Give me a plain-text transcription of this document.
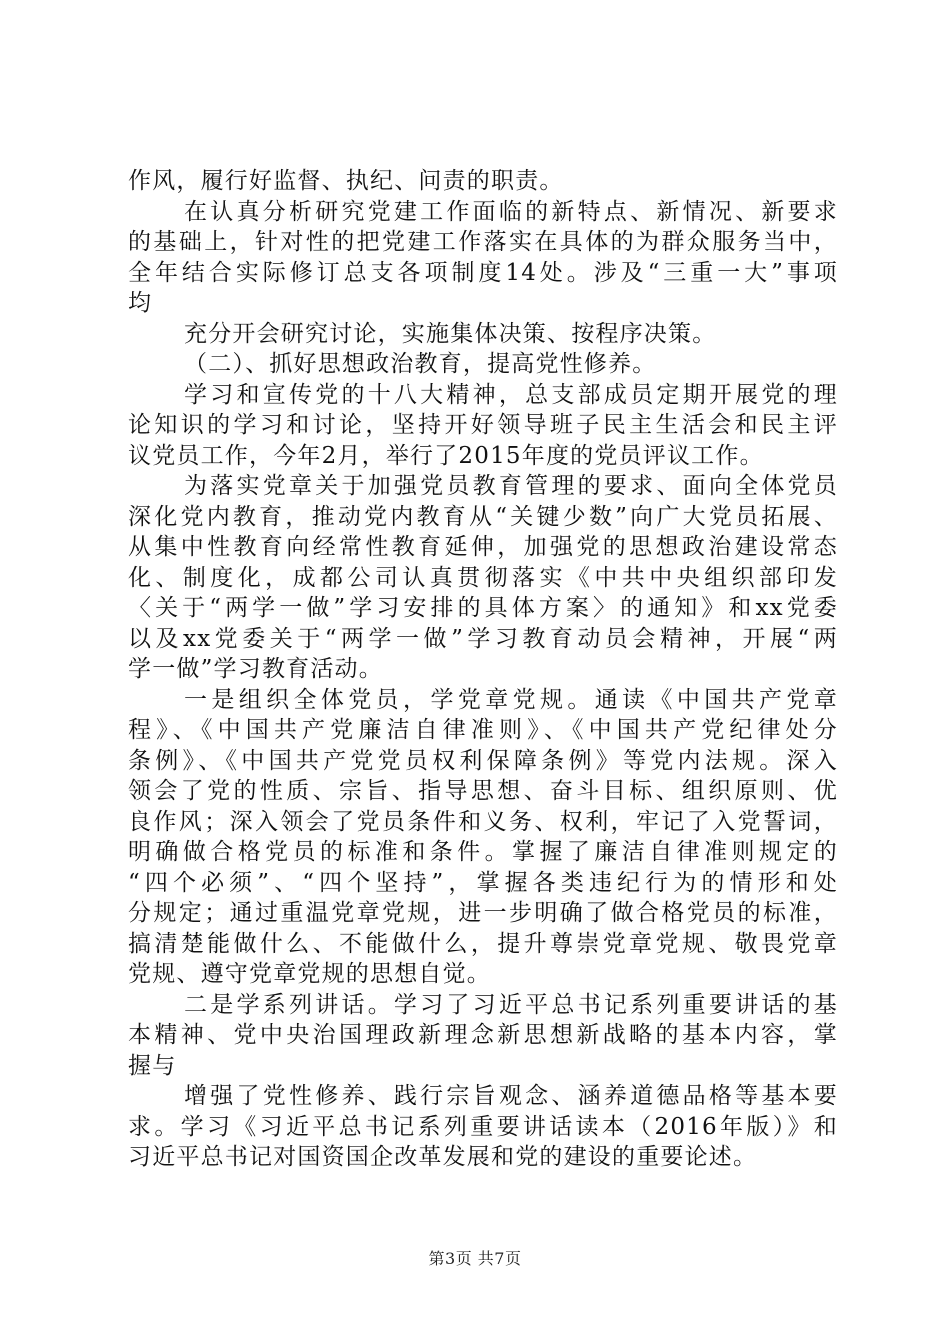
作风，履行好监督、执纪、问责的职责。
在认真分析研究党建工作面临的新特点、新情况、新要求
的基础上，针对性的把党建工作落实在具体的为群众服务当中，
全年结合实际修订总支各项制度14处。涉及“三重一大”事项
均
充分开会研究讨论，实施集体决策、按程序决策。
（二）、抓好思想政治教育，提高党性修养。
学习和宣传党的十八大精神，总支部成员定期开展党的理
论知识的学习和讨论，坚持开好领导班子民主生活会和民主评
议党员工作，今年2月，举行了2015年度的党员评议工作。
为落实党章关于加强党员教育管理的要求、面向全体党员
深化党内教育，推动党内教育从“关键少数”向广大党员拓展、
从集中性教育向经常性教育延伸，加强党的思想政治建设常态
化、制度化，成都公司认真贯彻落实《中共中央组织部印发
〈关于“两学一做”学习安排的具体方案〉的通知》和xx党委
以及xx党委关于“两学一做”学习教育动员会精神，开展“两
学一做”学习教育活动。
一是组织全体党员，学党章党规。通读《中国共产党章
程》、《中国共产党廉洁自律准则》、《中国共产党纪律处分
条例》、《中国共产党党员权利保障条例》等党内法规。深入
领会了党的性质、宗旨、指导思想、奋斗目标、组织原则、优
良作风；深入领会了党员条件和义务、权利，牢记了入党誓词，
明确做合格党员的标准和条件。掌握了廉洁自律准则规定的
“四个必须”、“四个坚持”，掌握各类违纪行为的情形和处
分规定；通过重温党章党规，进一步明确了做合格党员的标准，
搞清楚能做什么、不能做什么，提升尊崇党章党规、敬畏党章
党规、遵守党章党规的思想自觉。
二是学系列讲话。学习了习近平总书记系列重要讲话的基
本精神、党中央治国理政新理念新思想新战略的基本内容，掌
握与
增强了党性修养、践行宗旨观念、涵养道德品格等基本要
求。学习《习近平总书记系列重要讲话读本（2016年版）》和
习近平总书记对国资国企改革发展和党的建设的重要论述。
第3页 共7页
